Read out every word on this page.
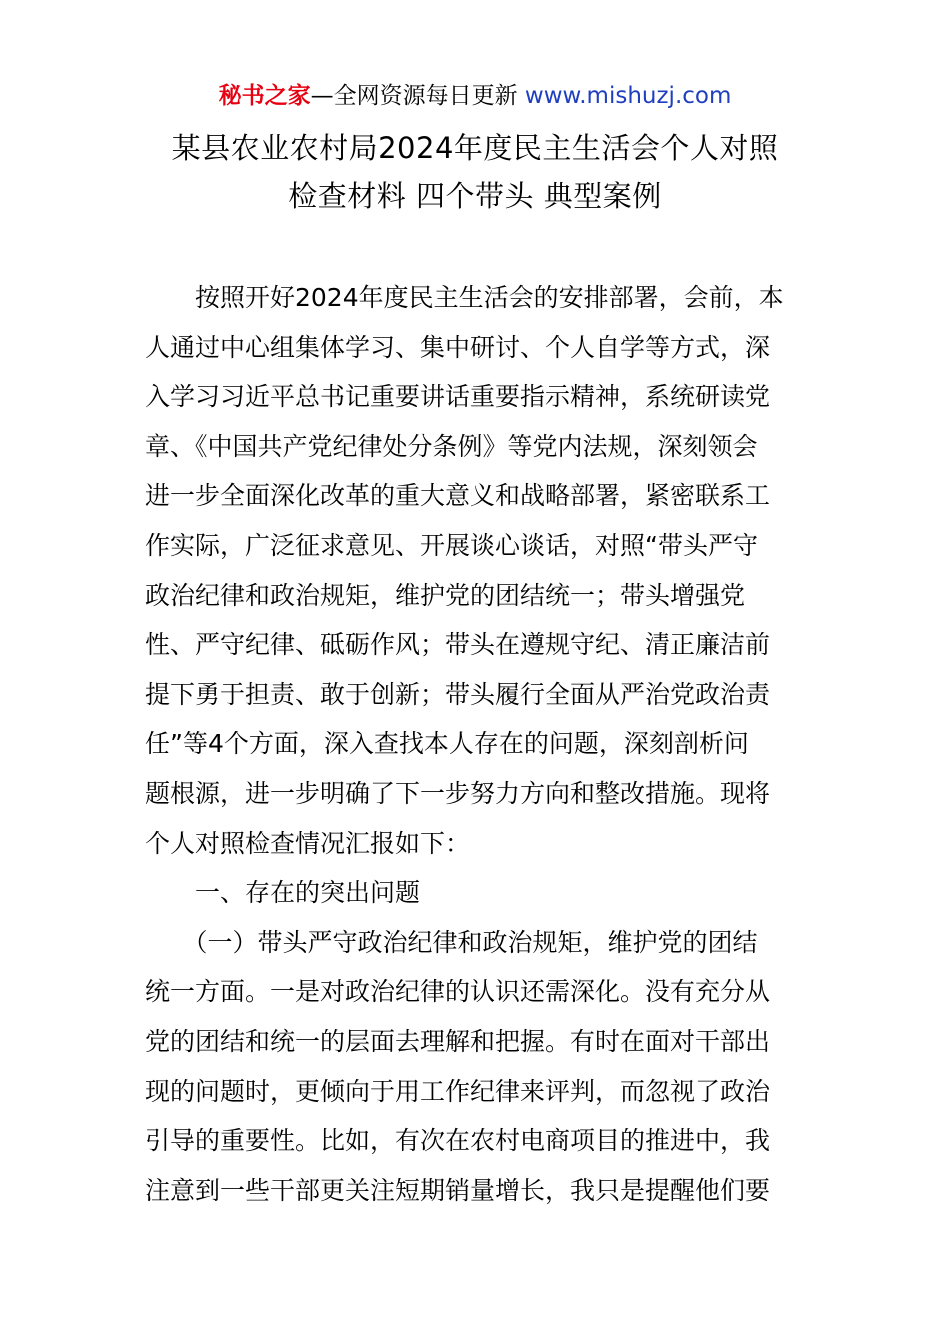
秘书之家—全网资源每日更新 www.mishuzj.com
某县农业农村局2024年度民主生活会个人对照
检查材料 四个带头 典型案例
　　按照开好2024年度民主生活会的安排部署，会前，本
人通过中心组集体学习、集中研讨、个人自学等方式，深
入学习习近平总书记重要讲话重要指示精神，系统研读党
章、《中国共产党纪律处分条例》等党内法规，深刻领会
进一步全面深化改革的重大意义和战略部署，紧密联系工
作实际，广泛征求意见、开展谈心谈话，对照“带头严守
政治纪律和政治规矩，维护党的团结统一；带头增强党
性、严守纪律、砥砺作风；带头在遵规守纪、清正廉洁前
提下勇于担责、敢于创新；带头履行全面从严治党政治责
任”等4个方面，深入查找本人存在的问题，深刻剖析问
题根源，进一步明确了下一步努力方向和整改措施。现将
个人对照检查情况汇报如下：
　　一、存在的突出问题
　　（一）带头严守政治纪律和政治规矩，维护党的团结
统一方面。一是对政治纪律的认识还需深化。没有充分从
党的团结和统一的层面去理解和把握。有时在面对干部出
现的问题时，更倾向于用工作纪律来评判，而忽视了政治
引导的重要性。比如，有次在农村电商项目的推进中，我
注意到一些干部更关注短期销量增长，我只是提醒他们要
